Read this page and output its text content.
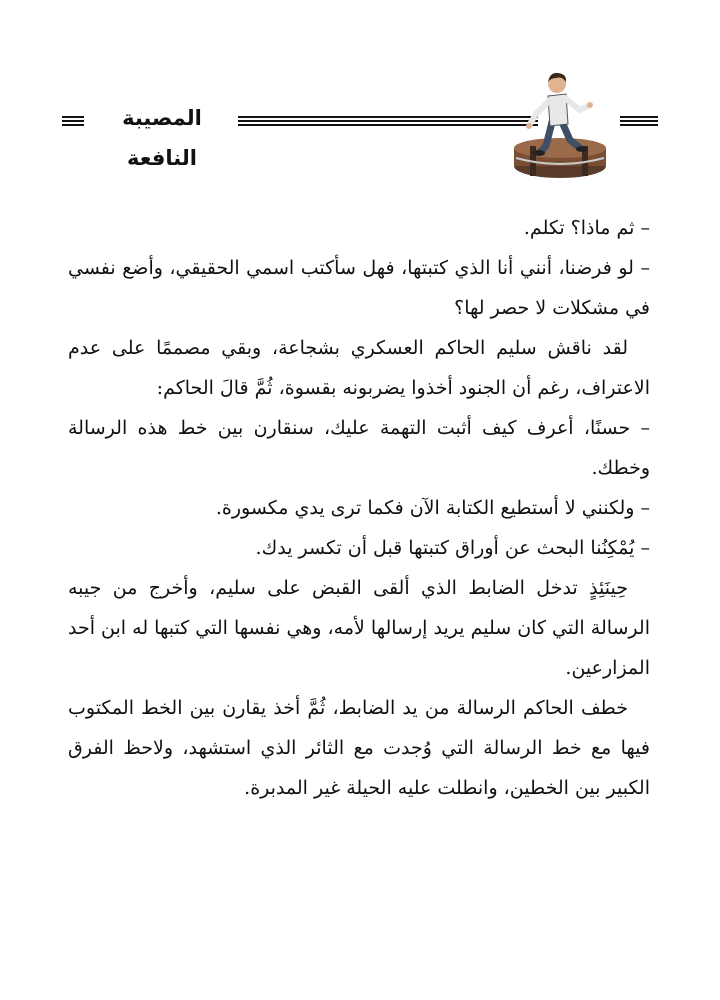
المصيبة النافعة

– ثم ماذا؟ تكلم.

– لو فرضنا، أنني أنا الذي كتبتها، فهل سأكتب اسمي الحقيقي، وأضع نفسي في مشكلات لا حصر لها؟

لقد ناقش سليم الحاكم العسكري بشجاعة، وبقي مصممًا على عدم الاعتراف، رغم أن الجنود أخذوا يضربونه بقسوة، ثُمَّ قالَ الحاكم:

– حسنًا، أعرف كيف أثبت التهمة عليك، سنقارن بين خط هذه الرسالة وخطك.

– ولكنني لا أستطيع الكتابة الآن فكما ترى يدي مكسورة.

– يُمْكِنُنا البحث عن أوراق كتبتها قبل أن تكسر يدك.

حِينَئِذٍ تدخل الضابط الذي ألقى القبض على سليم، وأخرج من جيبه الرسالة التي كان سليم يريد إرسالها لأمه، وهي نفسها التي كتبها له ابن أحد المزارعين.

خطف الحاكم الرسالة من يد الضابط، ثُمَّ أخذ يقارن بين الخط المكتوب فيها مع خط الرسالة التي وُجدت مع الثائر الذي استشهد، ولاحظ الفرق الكبير بين الخطين، وانطلت عليه الحيلة غير المدبرة.
